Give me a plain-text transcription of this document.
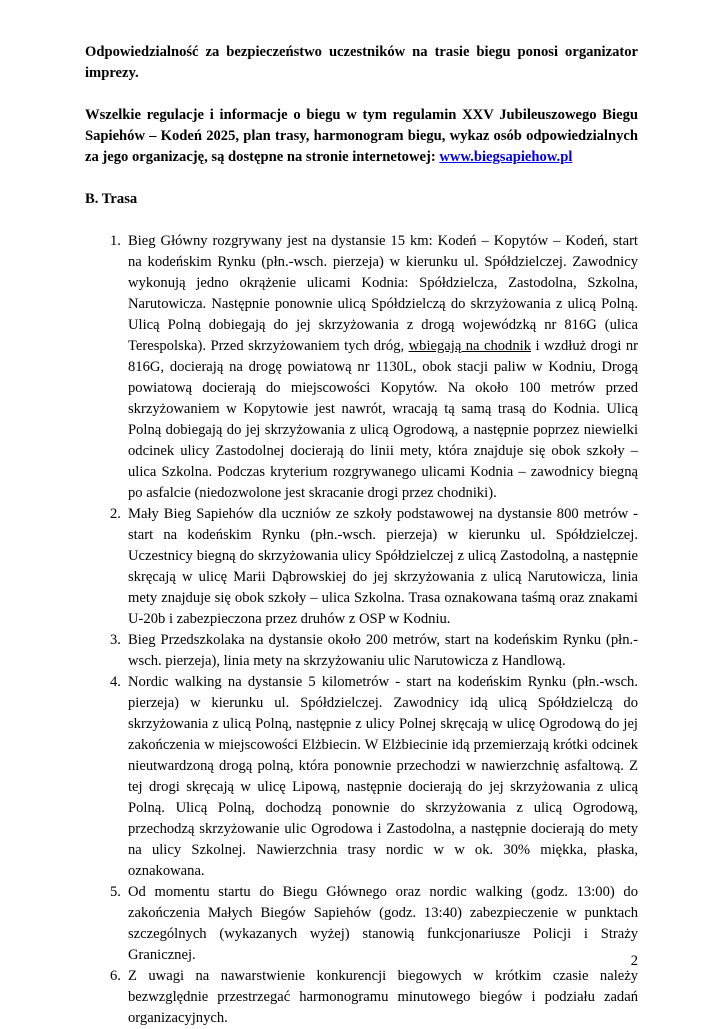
Odpowiedzialność za bezpieczeństwo uczestników na trasie biegu ponosi organizator imprezy.

Wszelkie regulacje i informacje o biegu w tym regulamin XXV Jubileuszowego Biegu Sapiehów – Kodeń 2025, plan trasy, harmonogram biegu, wykaz osób odpowiedzialnych za jego organizację, są dostępne na stronie internetowej: www.biegsapiehow.pl

B. Trasa
1. Bieg Główny rozgrywany jest na dystansie 15 km: Kodeń – Kopytów – Kodeń, start na kodeńskim Rynku (płn.-wsch. pierzeja) w kierunku ul. Spółdzielczej. Zawodnicy wykonują jedno okrążenie ulicami Kodnia: Spółdzielcza, Zastodolna, Szkolna, Narutowicza. Następnie ponownie ulicą Spółdzielczą do skrzyżowania z ulicą Polną. Ulicą Polną dobiegają do jej skrzyżowania z drogą wojewódzką nr 816G (ulica Terespolska). Przed skrzyżowaniem tych dróg, wbiegają na chodnik i wzdłuż drogi nr 816G, docierają na drogę powiatową nr 1130L, obok stacji paliw w Kodniu, Drogą powiatową docierają do miejscowości Kopytów. Na około 100 metrów przed skrzyżowaniem w Kopytowie jest nawrót, wracają tą samą trasą do Kodnia. Ulicą Polną dobiegają do jej skrzyżowania z ulicą Ogrodową, a następnie poprzez niewielki odcinek ulicy Zastodolnej docierają do linii mety, która znajduje się obok szkoły – ulica Szkolna. Podczas kryterium rozgrywanego ulicami Kodnia – zawodnicy biegną po asfalcie (niedozwolone jest skracanie drogi przez chodniki).
2. Mały Bieg Sapiehów dla uczniów ze szkoły podstawowej na dystansie 800 metrów - start na kodeńskim Rynku (płn.-wsch. pierzeja) w kierunku ul. Spółdzielczej. Uczestnicy biegną do skrzyżowania ulicy Spółdzielczej z ulicą Zastodolną, a następnie skręcają w ulicę Marii Dąbrowskiej do jej skrzyżowania z ulicą Narutowicza, linia mety znajduje się obok szkoły – ulica Szkolna. Trasa oznakowana taśmą oraz znakami U-20b i zabezpieczona przez druhów z OSP w Kodniu.
3. Bieg Przedszkolaka na dystansie około 200 metrów, start na kodeńskim Rynku (płn.-wsch. pierzeja), linia mety na skrzyżowaniu ulic Narutowicza z Handlową.
4. Nordic walking na dystansie 5 kilometrów - start na kodeńskim Rynku (płn.-wsch. pierzeja) w kierunku ul. Spółdzielczej. Zawodnicy idą ulicą Spółdzielczą do skrzyżowania z ulicą Polną, następnie z ulicy Polnej skręcają w ulicę Ogrodową do jej zakończenia w miejscowości Elżbiecin. W Elżbiecinie idą przemierzają krótki odcinek nieutwardzoną drogą polną, która ponownie przechodzi w nawierzchnię asfaltową. Z tej drogi skręcają w ulicę Lipową, następnie docierają do jej skrzyżowania z ulicą Polną. Ulicą Polną, dochodzą ponownie do skrzyżowania z ulicą Ogrodową, przechodzą skrzyżowanie ulic Ogrodowa i Zastodolna, a następnie docierają do mety na ulicy Szkolnej. Nawierzchnia trasy nordic w w ok. 30% miękka, płaska, oznakowana.
5. Od momentu startu do Biegu Głównego oraz nordic walking (godz. 13:00) do zakończenia Małych Biegów Sapiehów (godz. 13:40) zabezpieczenie w punktach szczególnych (wykazanych wyżej) stanowią funkcjonariusze Policji i Straży Granicznej.
6. Z uwagi na nawarstwienie konkurencji biegowych w krótkim czasie należy bezwzględnie przestrzegać harmonogramu minutowego biegów i podziału zadań organizacyjnych.
2
